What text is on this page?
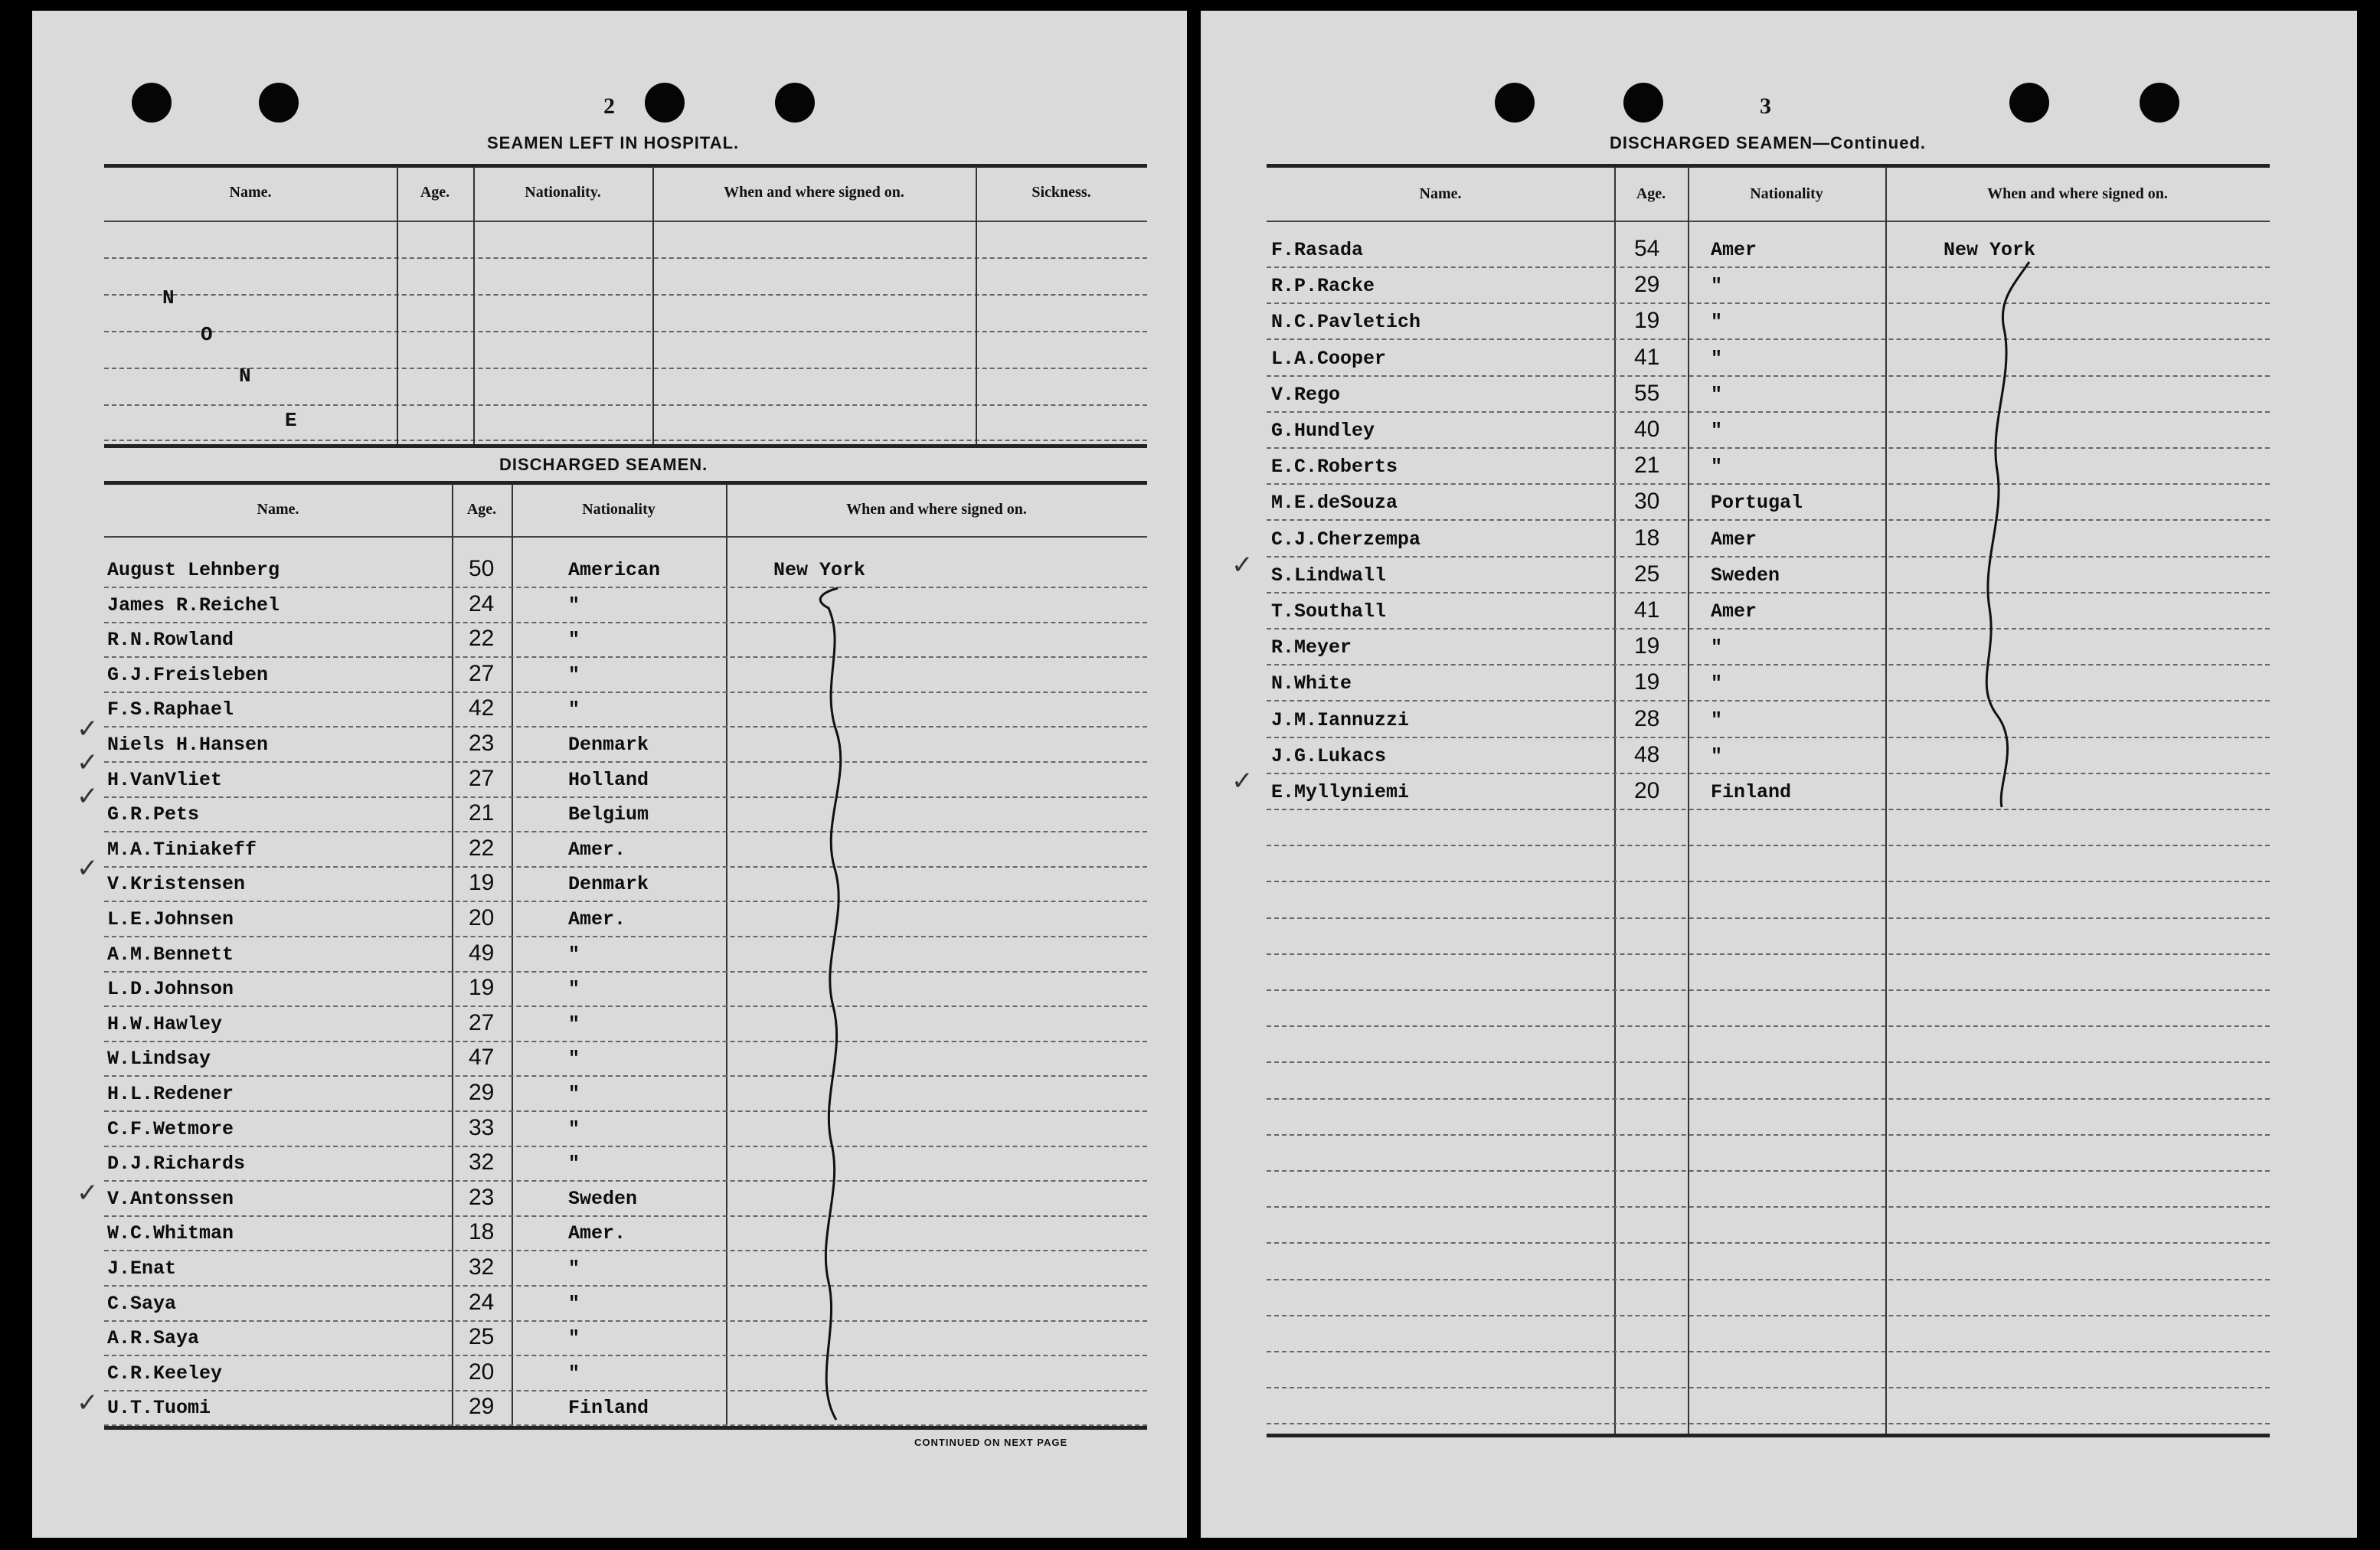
2
SEAMEN LEFT IN HOSPITAL.
Name.	Age.	Nationality.	When and where signed on.	Sickness.
N
O
N
E
DISCHARGED SEAMEN.
Name.	Age.	Nationality	When and where signed on.
August Lehnberg	50	American	New York
James R.Reichel	24	"
R.N.Rowland	22	"
G.J.Freisleben	27	"
F.S.Raphael	42	"
Niels H.Hansen	23	Denmark
H.VanVliet	27	Holland
G.R.Pets	21	Belgium
M.A.Tiniakeff	22	Amer.
V.Kristensen	19	Denmark
L.E.Johnsen	20	Amer.
A.M.Bennett	49	"
L.D.Johnson	19	"
H.W.Hawley	27	"
W.Lindsay	47	"
H.L.Redener	29	"
C.F.Wetmore	33	"
D.J.Richards	32	"
V.Antonssen	23	Sweden
W.C.Whitman	18	Amer.
J.Enat	32	"
C.Saya	24	"
A.R.Saya	25	"
C.R.Keeley	20	"
U.T.Tuomi	29	Finland
✓
✓
✓
✓
✓
✓
CONTINUED ON NEXT PAGE
3
DISCHARGED SEAMEN—Continued.
Name.	Age.	Nationality	When and where signed on.
F.Rasada	54	Amer	New York
R.P.Racke	29	"
N.C.Pavletich	19	"
L.A.Cooper	41	"
V.Rego	55	"
G.Hundley	40	"
E.C.Roberts	21	"
M.E.deSouza	30	Portugal
C.J.Cherzempa	18	Amer
S.Lindwall	25	Sweden
T.Southall	41	Amer
R.Meyer	19	"
N.White	19	"
J.M.Iannuzzi	28	"
J.G.Lukacs	48	"
E.Myllyniemi	20	Finland
✓
✓
